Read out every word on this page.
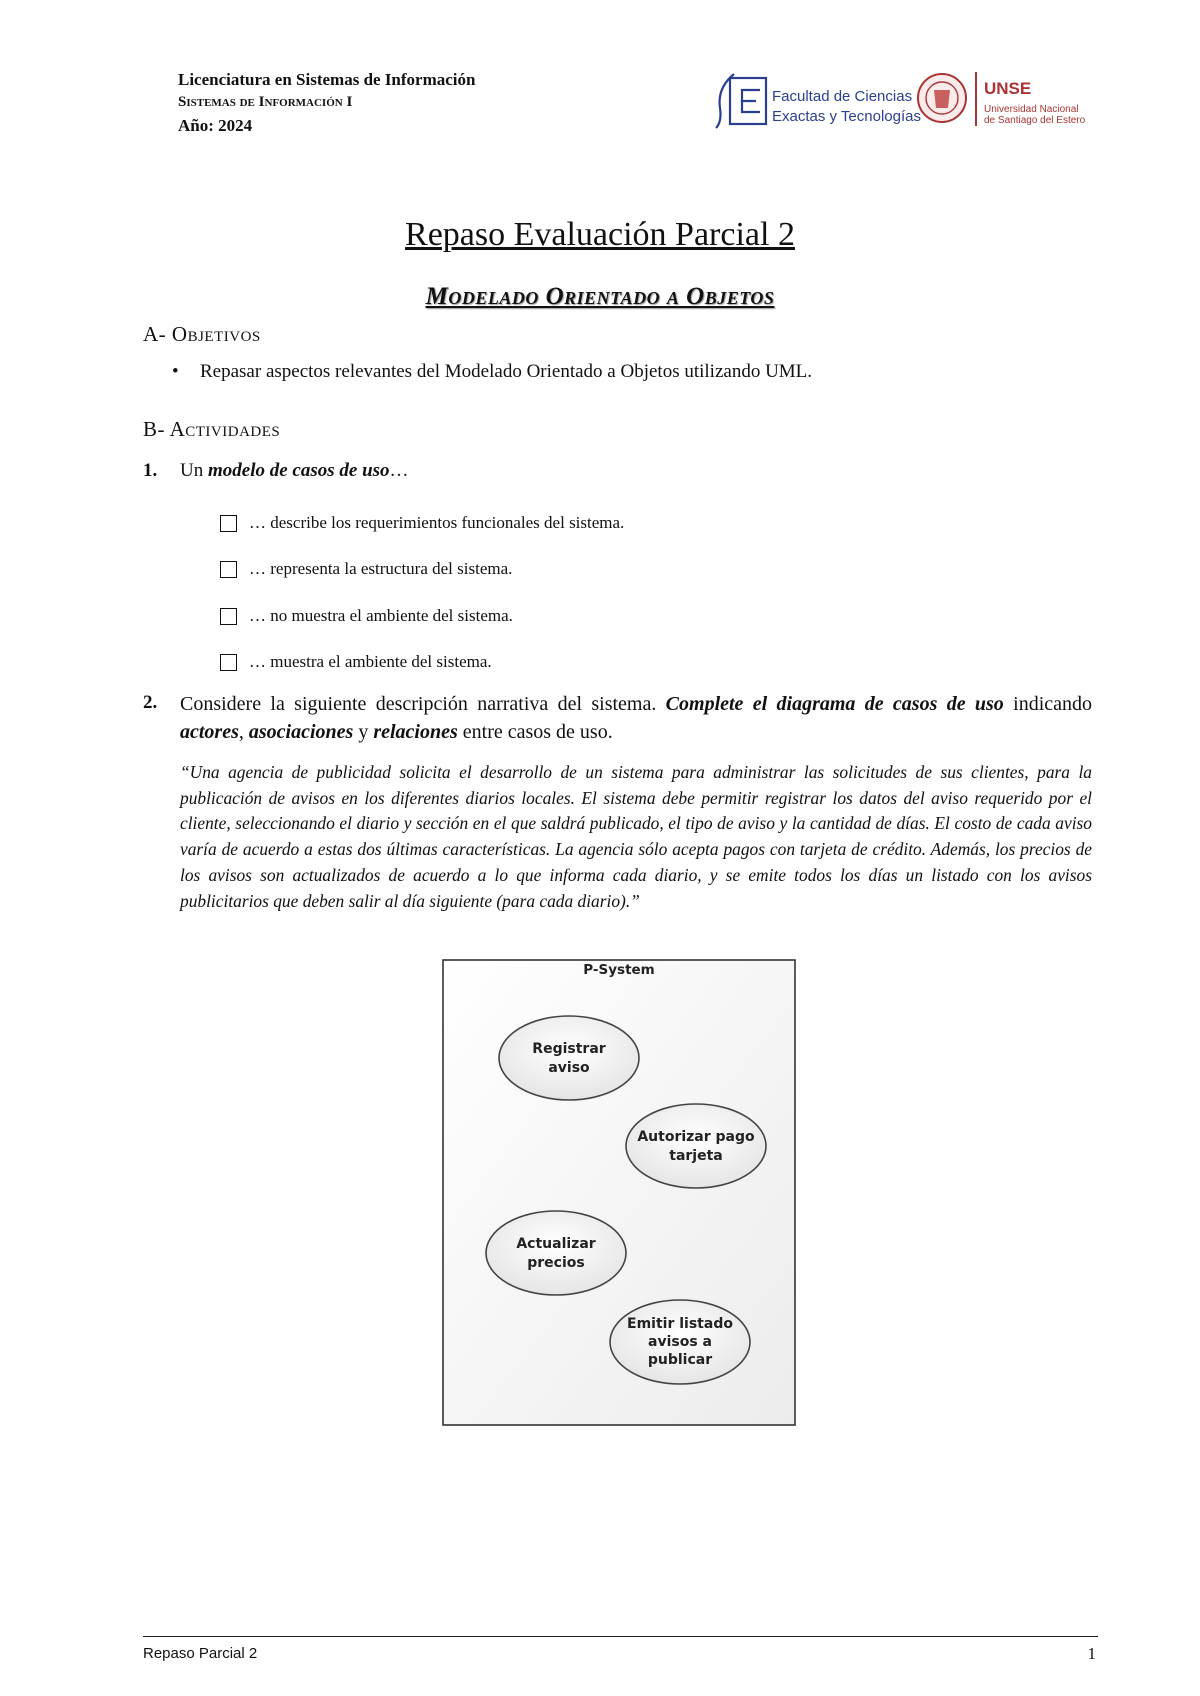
Licenciatura en Sistemas de Información
Sistemas de Información I
Año: 2024
Facultad de Ciencias
Exactas y Tecnologías
UNSE
Universidad Nacional
de Santiago del Estero
Repaso Evaluación Parcial 2
Modelado Orientado a Objetos
A- Objetivos
• Repasar aspectos relevantes del Modelado Orientado a Objetos utilizando UML.
B- Actividades
1. Un modelo de casos de uso…
… describe los requerimientos funcionales del sistema.
… representa la estructura del sistema.
… no muestra el ambiente del sistema.
… muestra el ambiente del sistema.
2. Considere la siguiente descripción narrativa del sistema. Complete el diagrama de casos de uso indicando actores, asociaciones y relaciones entre casos de uso.
“Una agencia de publicidad solicita el desarrollo de un sistema para administrar las solicitudes de sus clientes, para la publicación de avisos en los diferentes diarios locales. El sistema debe permitir registrar los datos del aviso requerido por el cliente, seleccionando el diario y sección en el que saldrá publicado, el tipo de aviso y la cantidad de días. El costo de cada aviso varía de acuerdo a estas dos últimas características. La agencia sólo acepta pagos con tarjeta de crédito. Además, los precios de los avisos son actualizados de acuerdo a lo que informa cada diario, y se emite todos los días un listado con los avisos publicitarios que deben salir al día siguiente (para cada diario).”
P-System
Registrar
aviso
Autorizar pago
tarjeta
Actualizar
precios
Emitir listado
avisos a
publicar
Repaso Parcial 2	1
